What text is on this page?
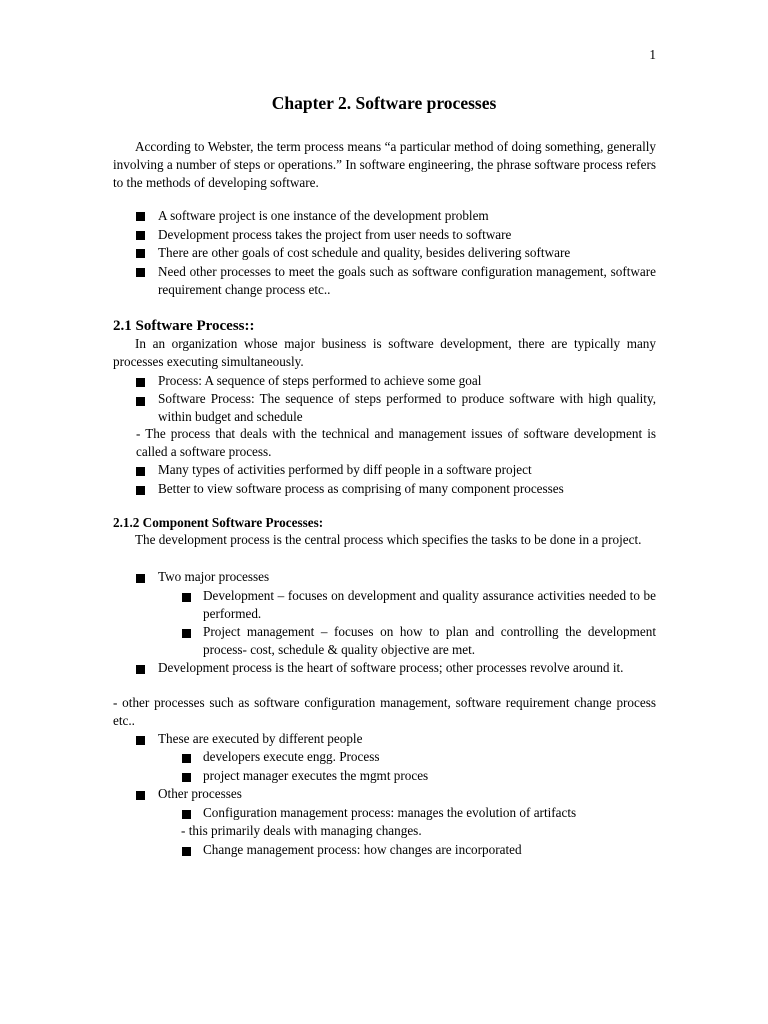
1
Chapter 2. Software processes
According to Webster, the term process means “a particular method of doing something, generally involving a number of steps or operations.” In software engineering, the phrase software process refers to the methods of developing software.
A software project is one instance of the development problem
Development process takes the project from user needs to software
There are other goals of cost schedule and quality, besides delivering software
Need other processes to meet the goals such as software configuration management, software requirement change process etc..
2.1 Software Process::
In an organization whose major business is software development, there are typically many processes executing simultaneously.
Process: A sequence of steps performed to achieve some goal
Software Process: The sequence of steps performed to produce software with high quality, within budget and schedule
- The process that deals with the technical and management issues of software development is called a software process.
Many types of activities performed by diff people in a software project
Better to view software process as comprising of many component processes
2.1.2 Component Software Processes:
The development process is the central process which specifies the tasks to be done in a project.
Two major processes
Development – focuses on development and quality assurance activities needed to be performed.
Project management – focuses on how to plan and controlling the development process- cost, schedule & quality objective are met.
Development process is the heart of software process; other processes revolve around it.
- other processes such as software configuration management, software requirement change process etc..
These are executed by different people
developers execute engg. Process
project manager executes the mgmt proces
Other processes
Configuration management process: manages the evolution of artifacts
- this primarily deals with managing changes.
Change management process: how changes are incorporated
